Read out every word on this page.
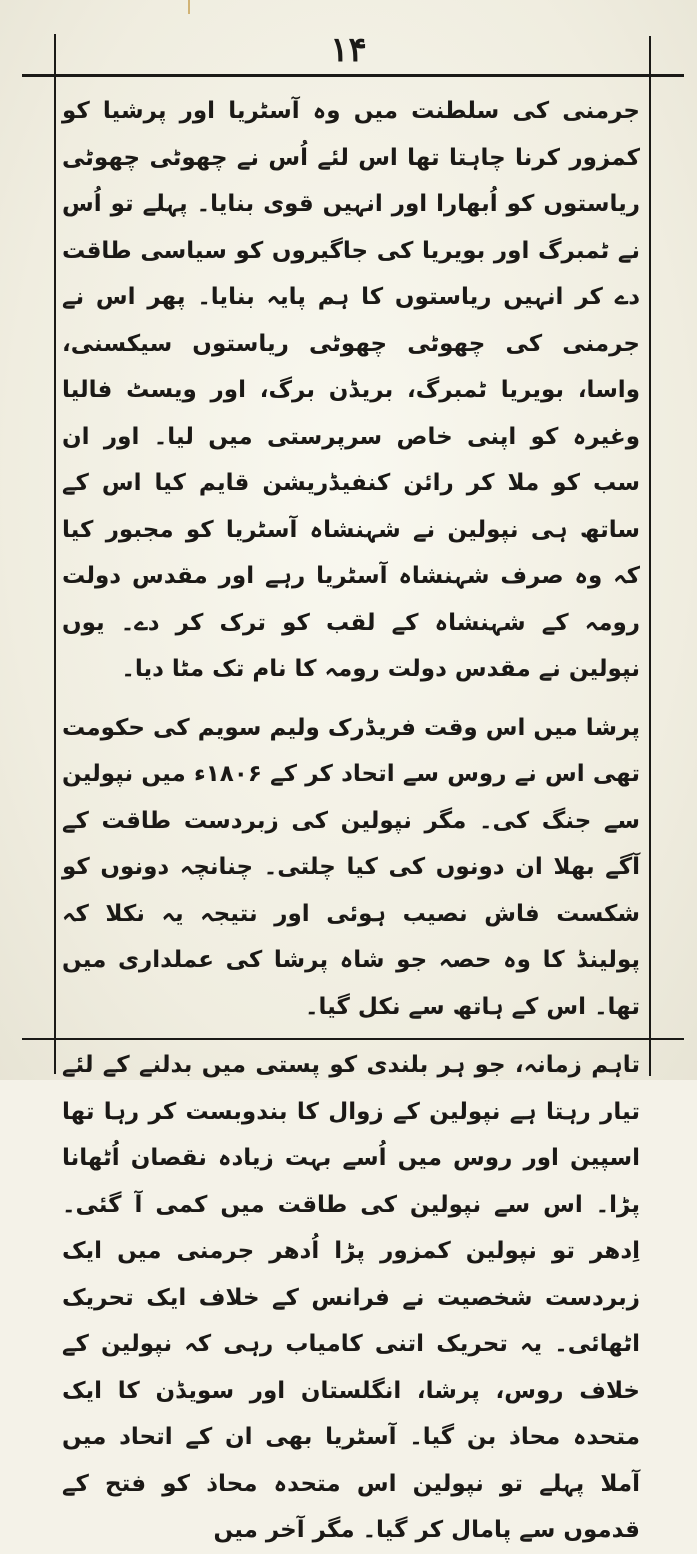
۱۴

جرمنی کی سلطنت میں وہ آسٹریا اور پرشیا کو کمزور کرنا چاہتا تھا اس لئے اُس نے چھوٹی چھوٹی ریاستوں کو اُبھارا اور انہیں قوی بنایا۔ پہلے تو اُس نے ٹمبرگ اور بویریا کی جاگیروں کو سیاسی طاقت دے کر انہیں ریاستوں کا ہم پایہ بنایا۔ پھر اس نے جرمنی کی چھوٹی چھوٹی ریاستوں سیکسنی، واسا، بویریا ٹمبرگ، بریڈن برگ، اور ویسٹ فالیا وغیرہ کو اپنی خاص سرپرستی میں لیا۔ اور ان سب کو ملا کر رائن کنفیڈریشن قایم کیا اس کے ساتھ ہی نپولین نے شہنشاہ آسٹریا کو مجبور کیا کہ وہ صرف شہنشاہ آسٹریا رہے اور مقدس دولت رومہ کے شہنشاہ کے لقب کو ترک کر دے۔ یوں نپولین نے مقدس دولت رومہ کا نام تک مٹا دیا۔

پرشا میں اس وقت فریڈرک ولیم سویم کی حکومت تھی اس نے روس سے اتحاد کر کے ۱۸۰۶ء میں نپولین سے جنگ کی۔ مگر نپولین کی زبردست طاقت کے آگے بھلا ان دونوں کی کیا چلتی۔ چنانچہ دونوں کو شکست فاش نصیب ہوئی اور نتیجہ یہ نکلا کہ پولینڈ کا وہ حصہ جو شاہ پرشا کی عملداری میں تھا۔ اس کے ہاتھ سے نکل گیا۔

تاہم زمانہ، جو ہر بلندی کو پستی میں بدلنے کے لئے تیار رہتا ہے نپولین کے زوال کا بندوبست کر رہا تھا اسپین اور روس میں اُسے بہت زیادہ نقصان اُٹھانا پڑا۔ اس سے نپولین کی طاقت میں کمی آ گئی۔ اِدھر تو نپولین کمزور پڑا اُدھر جرمنی میں ایک زبردست شخصیت نے فرانس کے خلاف ایک تحریک اٹھائی۔ یہ تحریک اتنی کامیاب رہی کہ نپولین کے خلاف روس، پرشا، انگلستان اور سویڈن کا ایک متحدہ محاذ بن گیا۔ آسٹریا بھی ان کے اتحاد میں آملا پہلے تو نپولین اس متحدہ محاذ کو فتح کے قدموں سے پامال کر گیا۔ مگر آخر میں
